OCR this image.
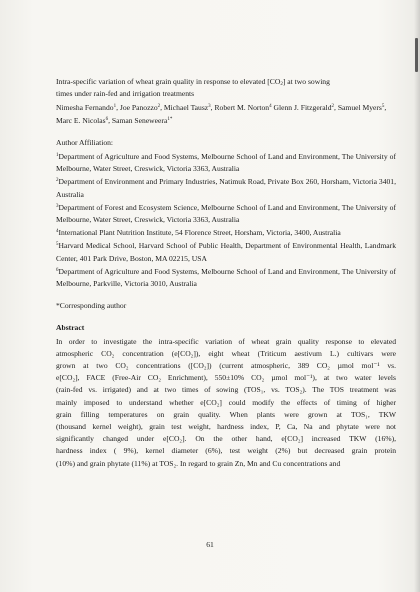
Intra-specific variation of wheat grain quality in response to elevated $[CO_2]$ at two sowing
times under rain-fed and irrigation treatments

Nimesha Fernando$^1$, Joe Panozzo$^2$, Michael Tausz$^3$, Robert M. Norton$^4$ Glenn J. Fitzgerald$^2$, Samuel Myers$^5$, Marc E. Nicolas$^6$, Saman Seneweera$^{1*}$

Author Affiliation:

$^1$Department of Agriculture and Food Systems, Melbourne School of Land and Environment, The University of Melbourne, Water Street, Creswick, Victoria 3363, Australia

$^2$Department of Environment and Primary Industries, Natimuk Road, Private Box 260, Horsham, Victoria 3401, Australia

$^3$Department of Forest and Ecosystem Science, Melbourne School of Land and Environment, The University of Melbourne, Water Street, Creswick, Victoria 3363, Australia

$^4$International Plant Nutrition Institute, 54 Florence Street, Horsham, Victoria, 3400, Australia

$^5$Harvard Medical School, Harvard School of Public Health, Department of Environmental Health, Landmark Center, 401 Park Drive, Boston, MA 02215, USA

$^6$Department of Agriculture and Food Systems, Melbourne School of Land and Environment, The University of Melbourne, Parkville, Victoria 3010, Australia

*Corresponding author

Abstract

In order to investigate the intra-specific variation of wheat grain quality response to elevated
atmospheric CO₂ concentration (e[CO₂]), eight wheat (Triticum aestivum L.) cultivars were
grown at two CO₂ concentrations ([CO₂]) (current atmospheric, 389 CO₂ µmol mol⁻¹ vs.
e[CO₂], FACE (Free-Air CO₂ Enrichment), 550±10% CO₂ µmol mol⁻¹), at two water levels
(rain-fed vs. irrigated) and at two times of sowing (TOS₁, vs. TOS₂). The TOS treatment was
mainly imposed to understand whether e[CO₂] could modify the effects of timing of higher
grain filling temperatures on grain quality. When plants were grown at TOS₁, TKW
(thousand kernel weight), grain test weight, hardness index, P, Ca, Na and phytate were not
significantly changed under e[CO₂]. On the other hand, e[CO₂] increased TKW (16%),
hardness index ( 9%), kernel diameter (6%), test weight (2%) but decreased grain protein
(10%) and grain phytate (11%) at TOS₂. In regard to grain Zn, Mn and Cu concentrations and
61
